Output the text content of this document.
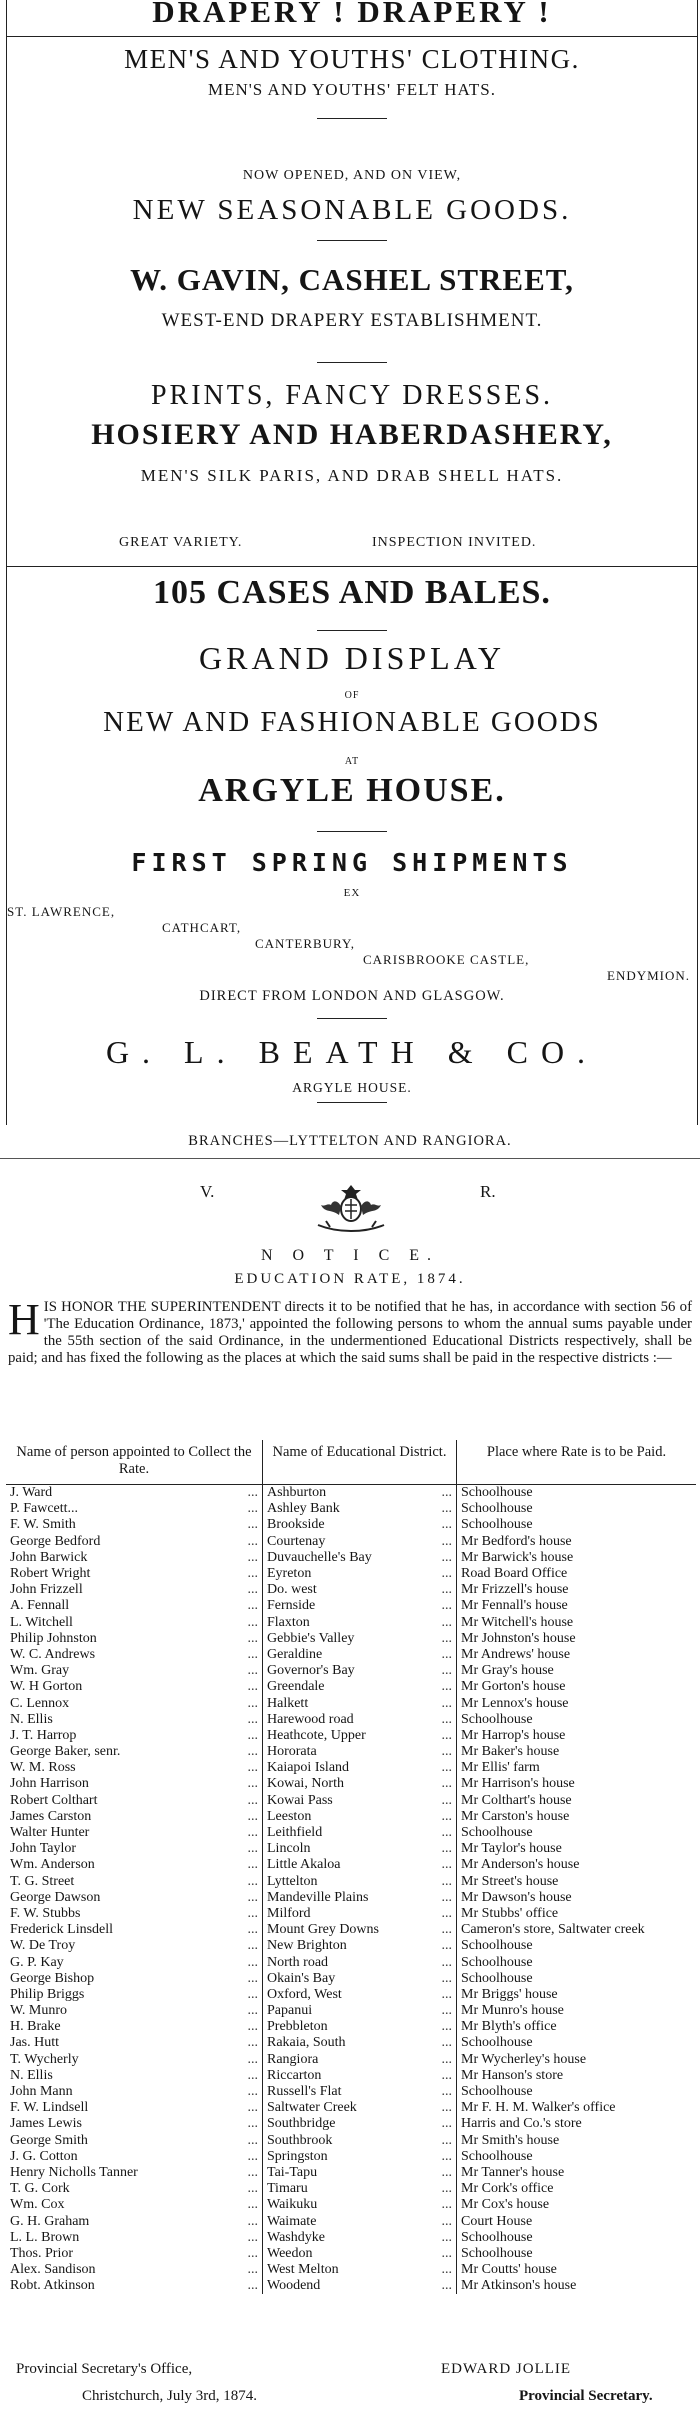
DRAPERY ! DRAPERY !
MEN'S AND YOUTHS' CLOTHING.
MEN'S AND YOUTHS' FELT HATS.
NOW OPENED, AND ON VIEW,
NEW SEASONABLE GOODS.
W. GAVIN, CASHEL STREET,
WEST-END DRAPERY ESTABLISHMENT.
PRINTS, FANCY DRESSES.
HOSIERY AND HABERDASHERY,
MEN'S SILK PARIS, AND DRAB SHELL HATS.
GREAT VARIETY.	INSPECTION INVITED.
105 CASES AND BALES.
GRAND DISPLAY
OF
NEW AND FASHIONABLE GOODS
AT
ARGYLE HOUSE.
FIRST SPRING SHIPMENTS
EX
ST. LAWRENCE,
CATHCART,
CANTERBURY,
CARISBROOKE CASTLE,
ENDYMION.
DIRECT FROM LONDON AND GLASGOW.
G. L. BEATH & CO.
ARGYLE HOUSE.
BRANCHES—LYTTELTON AND RANGIORA.
V.	R.
N O T I C E.
EDUCATION RATE, 1874.
H IS HONOR THE SUPERINTENDENT directs it to be notified that he has, in accordance with section 56 of 'The Education Ordinance, 1873,' appointed the following persons to whom the annual sums payable under the 55th section of the said Ordinance, in the undermentioned Educational Districts respectively, shall be paid; and has fixed the following as the places at which the said sums shall be paid in the respective districts :—
Name of person appointed to Collect the Rate.	Name of Educational District.	Place where Rate is to be Paid.
J. Ward ...	Ashburton ...	Schoolhouse
P. Fawcett... ...	Ashley Bank ...	Schoolhouse
F. W. Smith ...	Brookside ...	Schoolhouse
George Bedford ...	Courtenay ...	Mr Bedford's house
John Barwick ...	Duvauchelle's Bay ...	Mr Barwick's house
Robert Wright ...	Eyreton ...	Road Board Office
John Frizzell ...	Do. west ...	Mr Frizzell's house
A. Fennall ...	Fernside ...	Mr Fennall's house
L. Witchell ...	Flaxton ...	Mr Witchell's house
Philip Johnston ...	Gebbie's Valley ...	Mr Johnston's house
W. C. Andrews ...	Geraldine ...	Mr Andrews' house
Wm. Gray ...	Governor's Bay ...	Mr Gray's house
W. H Gorton ...	Greendale ...	Mr Gorton's house
C. Lennox ...	Halkett ...	Mr Lennox's house
N. Ellis ...	Harewood road ...	Schoolhouse
J. T. Harrop ...	Heathcote, Upper ...	Mr Harrop's house
George Baker, senr. ...	Hororata ...	Mr Baker's house
W. M. Ross ...	Kaiapoi Island ...	Mr Ellis' farm
John Harrison ...	Kowai, North ...	Mr Harrison's house
Robert Colthart ...	Kowai Pass ...	Mr Colthart's house
James Carston ...	Leeston ...	Mr Carston's house
Walter Hunter ...	Leithfield ...	Schoolhouse
John Taylor ...	Lincoln ...	Mr Taylor's house
Wm. Anderson ...	Little Akaloa ...	Mr Anderson's house
T. G. Street ...	Lyttelton ...	Mr Street's house
George Dawson ...	Mandeville Plains ...	Mr Dawson's house
F. W. Stubbs ...	Milford ...	Mr Stubbs' office
Frederick Linsdell ...	Mount Grey Downs ...	Cameron's store, Saltwater creek
W. De Troy ...	New Brighton ...	Schoolhouse
G. P. Kay ...	North road ...	Schoolhouse
George Bishop ...	Okain's Bay ...	Schoolhouse
Philip Briggs ...	Oxford, West ...	Mr Briggs' house
W. Munro ...	Papanui ...	Mr Munro's house
H. Brake ...	Prebbleton ...	Mr Blyth's office
Jas. Hutt ...	Rakaia, South ...	Schoolhouse
T. Wycherly ...	Rangiora ...	Mr Wycherley's house
N. Ellis ...	Riccarton ...	Mr Hanson's store
John Mann ...	Russell's Flat ...	Schoolhouse
F. W. Lindsell ...	Saltwater Creek ...	Mr F. H. M. Walker's office
James Lewis ...	Southbridge ...	Harris and Co.'s store
George Smith ...	Southbrook ...	Mr Smith's house
J. G. Cotton ...	Springston ...	Schoolhouse
Henry Nicholls Tanner ...	Tai-Tapu ...	Mr Tanner's house
T. G. Cork ...	Timaru ...	Mr Cork's office
Wm. Cox ...	Waikuku ...	Mr Cox's house
G. H. Graham ...	Waimate ...	Court House
L. L. Brown ...	Washdyke ...	Schoolhouse
Thos. Prior ...	Weedon ...	Schoolhouse
Alex. Sandison ...	West Melton ...	Mr Coutts' house
Robt. Atkinson ...	Woodend ...	Mr Atkinson's house
Provincial Secretary's Office,
Christchurch, July 3rd, 1874.
EDWARD JOLLIE
Provincial Secretary.
